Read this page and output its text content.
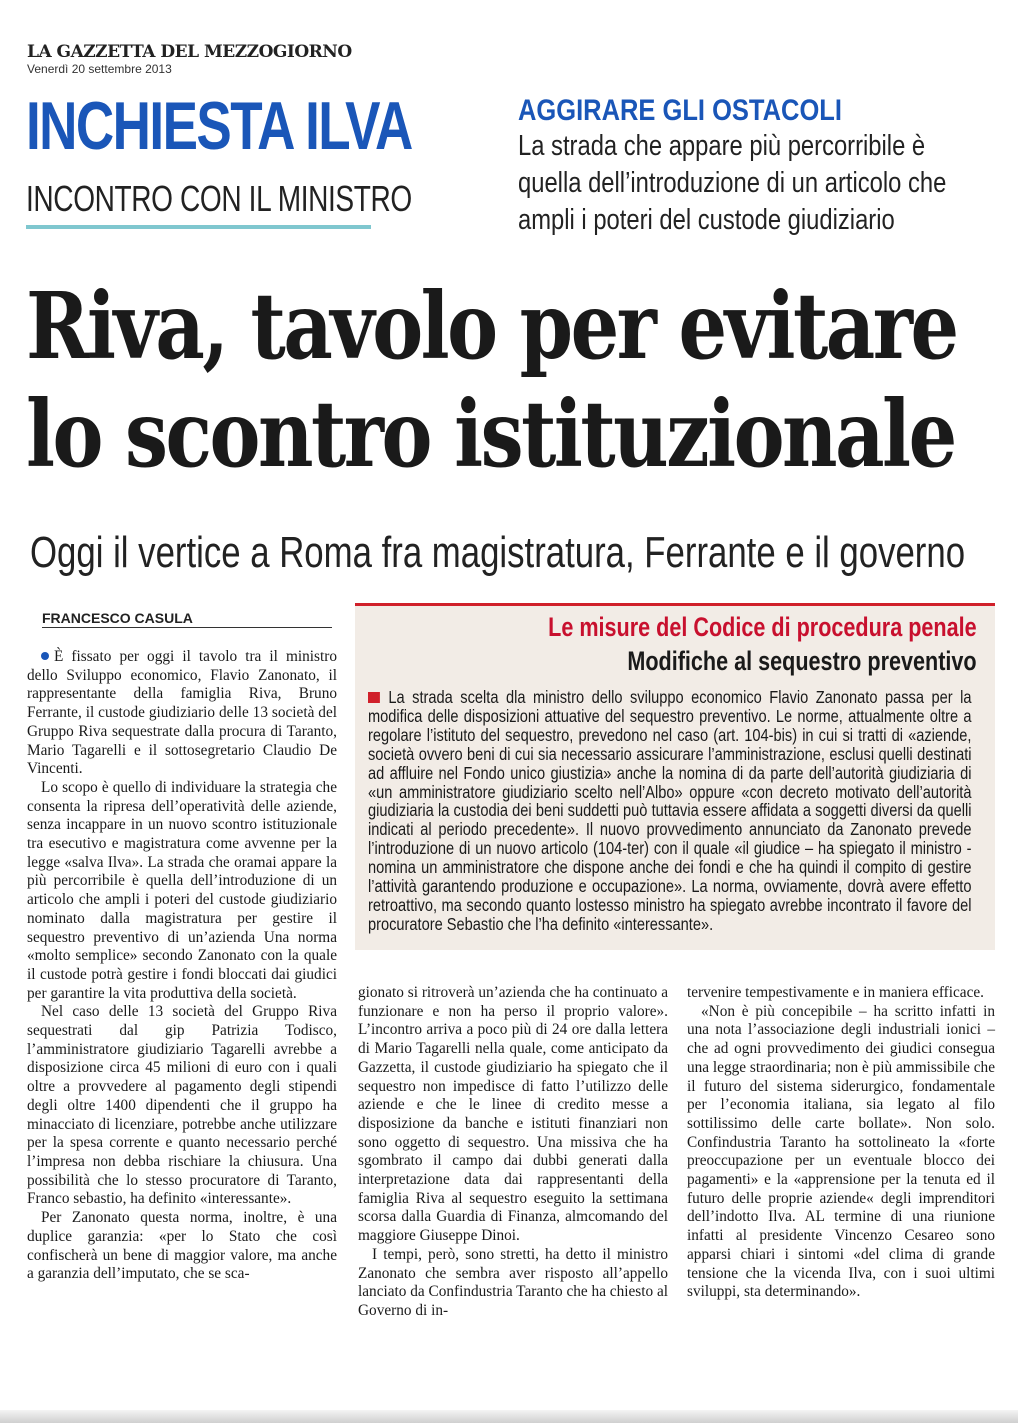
LA GAZZETTA DEL MEZZOGIORNO
Venerdì 20 settembre 2013
INCHIESTA ILVA
INCONTRO CON IL MINISTRO
AGGIRARE GLI OSTACOLI
La strada che appare più percorribile è quella dell’introduzione di un articolo che ampli i poteri del custode giudiziario
Riva, tavolo per evitare
lo scontro istituzionale
Oggi il vertice a Roma fra magistratura, Ferrante e il governo
FRANCESCO CASULA

È fissato per oggi il tavolo tra il ministro dello Sviluppo economico, Flavio Zanonato, il rappresentante della famiglia Riva, Bruno Ferrante, il custode giudiziario delle 13 società del Gruppo Riva sequestrate dalla procura di Taranto, Mario Tagarelli e il sottosegretario Claudio De Vincenti.

Lo scopo è quello di individuare la strategia che consenta la ripresa dell’operatività delle aziende, senza incappare in un nuovo scontro istituzionale tra esecutivo e magistratura come avvenne per la legge «salva Ilva». La strada che oramai appare la più percorribile è quella dell’introduzione di un articolo che ampli i poteri del custode giudiziario nominato dalla magistratura per gestire il sequestro preventivo di un’azienda Una norma «molto semplice» secondo Zanonato con la quale il custode potrà gestire i fondi bloccati dai giudici per garantire la vita produttiva della società.

Nel caso delle 13 società del Gruppo Riva sequestrati dal gip Patrizia Todisco, l’amministratore giudiziario Tagarelli avrebbe a disposizione circa 45 milioni di euro con i quali oltre a provvedere al pagamento degli stipendi degli oltre 1400 dipendenti che il gruppo ha minacciato di licenziare, potrebbe anche utilizzare per la spesa corrente e quanto necessario perché l’impresa non debba rischiare la chiusura. Una possibilità che lo stesso procuratore di Taranto, Franco sebastio, ha definito «interessante».

Per Zanonato questa norma, inoltre, è una duplice garanzia: «per lo Stato che così confischerà un bene di maggior valore, ma anche a garanzia dell’imputato, che se sca-

Le misure del Codice di procedura penale
Modifiche al sequestro preventivo
La strada scelta dla ministro dello sviluppo economico Flavio Zanonato passa per la modifica delle disposizioni attuative del sequestro preventivo. Le norme, attualmente oltre a regolare l’istituto del sequestro, prevedono nel caso (art. 104-bis) in cui si tratti di «aziende, società ovvero beni di cui sia necessario assicurare l’amministrazione, esclusi quelli destinati ad affluire nel Fondo unico giustizia» anche la nomina di da parte dell’autorità giudiziaria di «un amministratore giudiziario scelto nell’Albo» oppure «con decreto motivato dell’autorità giudiziaria la custodia dei beni suddetti può tuttavia essere affidata a soggetti diversi da quelli indicati al periodo precedente». Il nuovo provvedimento annunciato da Zanonato prevede l’introduzione di un nuovo articolo (104-ter) con il quale «il giudice – ha spiegato il ministro - nomina un amministratore che dispone anche dei fondi e che ha quindi il compito di gestire l’attività garantendo produzione e occupazione». La norma, ovviamente, dovrà avere effetto retroattivo, ma secondo quanto lostesso ministro ha spiegato avrebbe incontrato il favore del procuratore Sebastio che l’ha definito «interessante».

gionato si ritroverà un’azienda che ha continuato a funzionare e non ha perso il proprio valore». L’incontro arriva a poco più di 24 ore dalla lettera di Mario Tagarelli nella quale, come anticipato da Gazzetta, il custode giudiziario ha spiegato che il sequestro non impedisce di fatto l’utilizzo delle aziende e che le linee di credito messe a disposizione da banche e istituti finanziari non sono oggetto di sequestro. Una missiva che ha sgombrato il campo dai dubbi generati dalla interpretazione data dai rappresentanti della famiglia Riva al sequestro eseguito la settimana scorsa dalla Guardia di Finanza, almcomando del maggiore Giuseppe Dinoi.

I tempi, però, sono stretti, ha detto il ministro Zanonato che sembra aver risposto all’appello lanciato da Confindustria Taranto che ha chiesto al Governo di in-

tervenire tempestivamente e in maniera efficace.

«Non è più concepibile – ha scritto infatti in una nota l’associazione degli industriali ionici – che ad ogni provvedimento dei giudici consegua una legge straordinaria; non è più ammissibile che il futuro del sistema siderurgico, fondamentale per l’economia italiana, sia legato al filo sottilissimo delle carte bollate». Non solo. Confindustria Taranto ha sottolineato la «forte preoccupazione per un eventuale blocco dei pagamenti» e la «apprensione per la tenuta ed il futuro delle proprie aziende« degli imprenditori dell’indotto Ilva. AL termine di una riunione infatti al presidente Vincenzo Cesareo sono apparsi chiari i sintomi «del clima di grande tensione che la vicenda Ilva, con i suoi ultimi sviluppi, sta determinando».
